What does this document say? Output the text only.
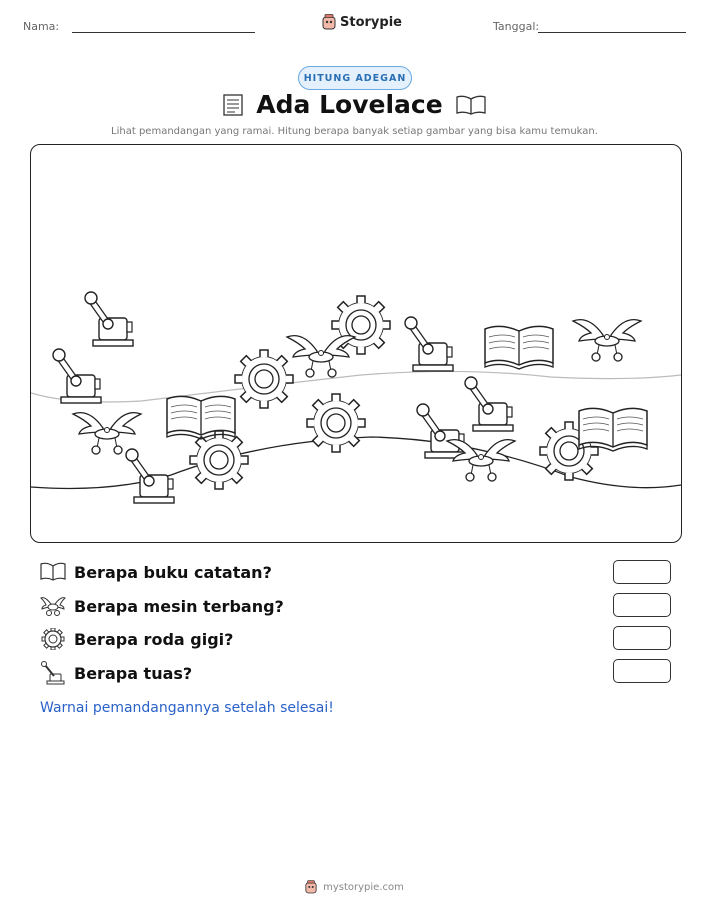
Nama:	Storypie	Tanggal:
HITUNG ADEGAN
Ada Lovelace
Lihat pemandangan yang ramai. Hitung berapa banyak setiap gambar yang bisa kamu temukan.
Berapa buku catatan?
Berapa mesin terbang?
Berapa roda gigi?
Berapa tuas?
Warnai pemandangannya setelah selesai!
mystorypie.com
